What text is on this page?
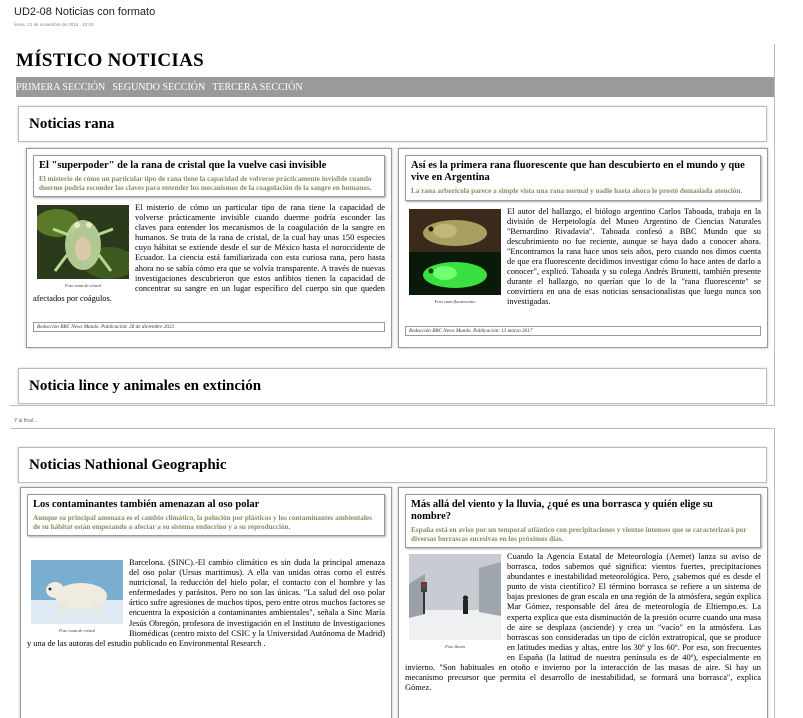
UD2-08 Noticias con formato
lunes, 21 de noviembre de 2016 · 10:15
MÍSTICO NOTICIAS
PRIMERA SECCIÓN SEGUNDO SECCIÓN TERCERA SECCIÓN
Noticias rana
El "superpoder" de la rana de cristal que la vuelve casi invisible

El misterio de cómo un particular tipo de rana tiene la capacidad de volverse prácticamente invisible cuando duerme podría esconder las claves para entender los mecanismos de la coagulación de la sangre en humanos.

Foto rana de cristal
El misterio de cómo un particular tipo de rana tiene la capacidad de volverse prácticamente invisible cuando duerme podría esconder las claves para entender los mecanismos de la coagulación de la sangre en humanos. Se trata de la rana de cristal, de la cual hay unas 150 especies cuyo hábitat se extiende desde el sur de México hasta el noroccidente de Ecuador. La ciencia está familiarizada con esta curiosa rana, pero hasta ahora no se sabía cómo era que se volvía transparente. A través de nuevas investigaciones descubrieron que estos anfibios tienen la capacidad de concentrar su sangre en un lugar específico del cuerpo sin que queden afectados por coágulos.
Redacción BBC News Mundo. Publicación: 26 de diciembre 2022
Así es la primera rana fluorescente que han descubierto en el mundo y que vive en Argentina

La rana arborícola parece a simple vista una rana normal y nadie hasta ahora le prestó demasiada atención.

Foto rana fluorescente
El autor del hallazgo, el biólogo argentino Carlos Taboada, trabaja en la división de Herpetología del Museo Argentino de Ciencias Naturales "Bernardino Rivadavia". Taboada confesó a BBC Mundo que su descubrimiento no fue reciente, aunque se haya dado a conocer ahora. "Encontramos la rana hace unos seis años, pero cuando nos dimos cuenta de que era fluorescente decidimos investigar cómo lo hace antes de darlo a conocer", explicó. Taboada y su colega Andrés Brunetti, también presente durante el hallazgo, no querían que lo de la "rana fluorescente" se convirtiera en una de esas noticias sensacionalistas que luego nunca son investigadas.
Redacción BBC News Mundo. Publicación: 13 marzo 2017
Noticia lince y animales en extinción
Y al final...
Noticias Nathional Geographic
Los contaminantes también amenazan al oso polar

Aunque su principal amenaza es el cambio climático, la polución por plásticos y los contaminantes ambientales de su hábitat están empezando a afectar a su sistema endocrino y a su reproducción.

Foto rana de cristal
Barcelona. (SINC).-El cambio climático es sin duda la principal amenaza del oso polar (Ursus maritimus). A ella van unidas otras como el estrés nutricional, la reducción del hielo polar, el contacto con el hombre y las enfermedades y parásitos. Pero no son las únicas. "La salud del oso polar ártico sufre agresiones de muchos tipos, pero entre otros muchos factores se encuentra la exposición a contaminantes ambientales", señala a Sinc María Jesús Obregón, profesora de investigación en el Instituto de Investigaciones Biomédicas (centro mixto del CSIC y la Universidad Autónoma de Madrid) y una de las autoras del estudio publicado en Environmental Research .
Más allá del viento y la lluvia, ¿qué es una borrasca y quién elige su nombre?

España está en aviso por un temporal atlántico con precipitaciones y vientos intensos que se caracterizará por diversas borrascas sucesivas en los próximos días.

Foto lluvia
Cuando la Agencia Estatal de Meteorología (Aemet) lanza su aviso de borrasca, todos sabemos qué significa: vientos fuertes, precipitaciones abundantes e inestabilidad meteorológica. Pero, ¿sabemos qué es desde el punto de vista científico? El término borrasca se refiere a un sistema de bajas presiones de gran escala en una región de la atmósfera, según explica Mar Gómez, responsable del área de meteorología de Eltiempo.es. La experta explica que esta disminución de la presión ocurre cuando una masa de aire se desplaza (asciende) y crea un "vacío" en la atmósfera. Las borrascas son consideradas un tipo de ciclón extratropical, que se produce en latitudes medias y altas, entre los 30º y los 60º. Por eso, son frecuentes en España (la latitud de nuestra península es de 40º), especialmente en invierno. "Son habituales en otoño e invierno por la interacción de las masas de aire. Si hay un mecanismo precursor que permita el desarrollo de inestabilidad, se formará una borrasca", explica Gómez.
